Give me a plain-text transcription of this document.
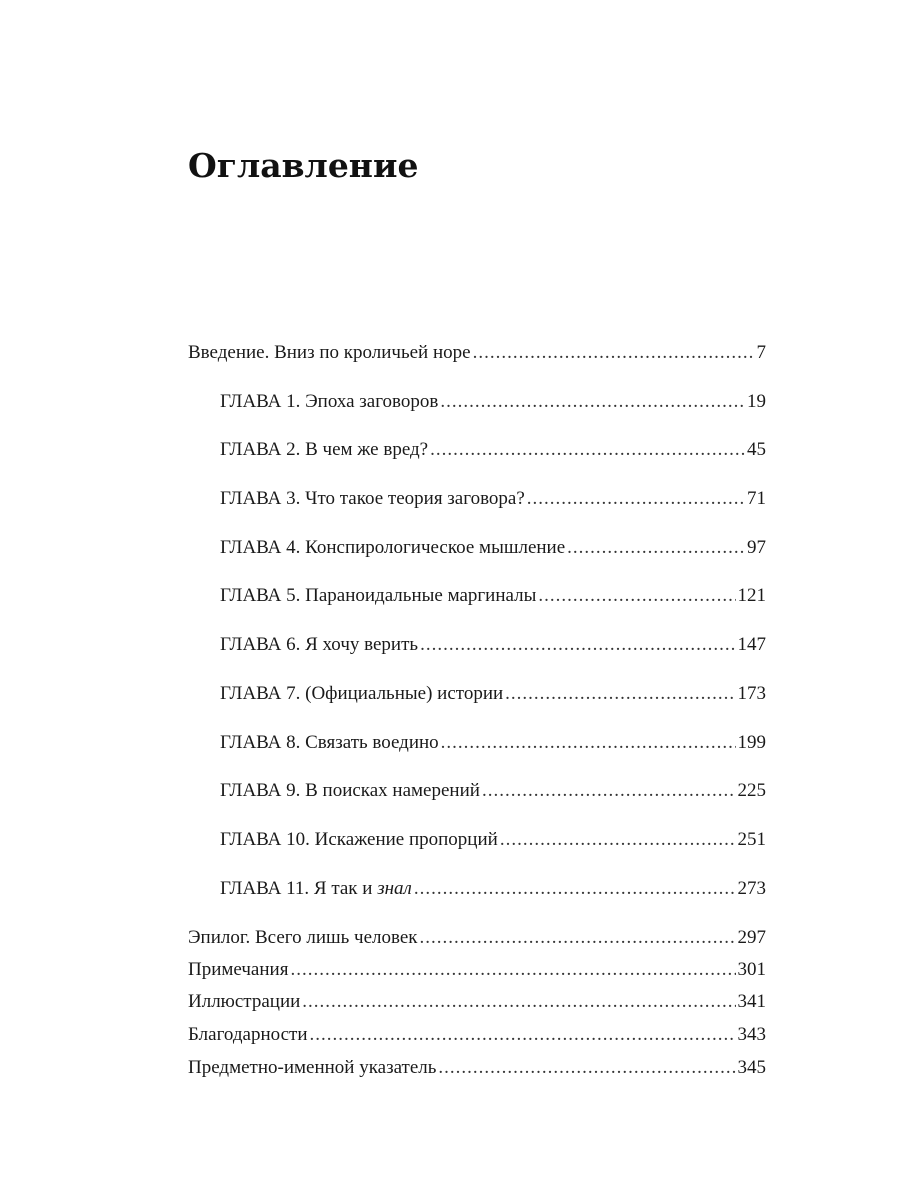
Оглавление
Введение. Вниз по кроличьей норе .....	7
ГЛАВА 1. Эпоха заговоров .....	19
ГЛАВА 2. В чем же вред? .....	45
ГЛАВА 3. Что такое теория заговора? .....	71
ГЛАВА 4. Конспирологическое мышление .....	97
ГЛАВА 5. Параноидальные маргиналы .....	121
ГЛАВА 6. Я хочу верить .....	147
ГЛАВА 7. (Официальные) истории .....	173
ГЛАВА 8. Связать воедино .....	199
ГЛАВА 9. В поисках намерений .....	225
ГЛАВА 10. Искажение пропорций .....	251
ГЛАВА 11. Я так и знал .....	273
Эпилог. Всего лишь человек .....	297
Примечания .....	301
Иллюстрации .....	341
Благодарности .....	343
Предметно-именной указатель .....	345
